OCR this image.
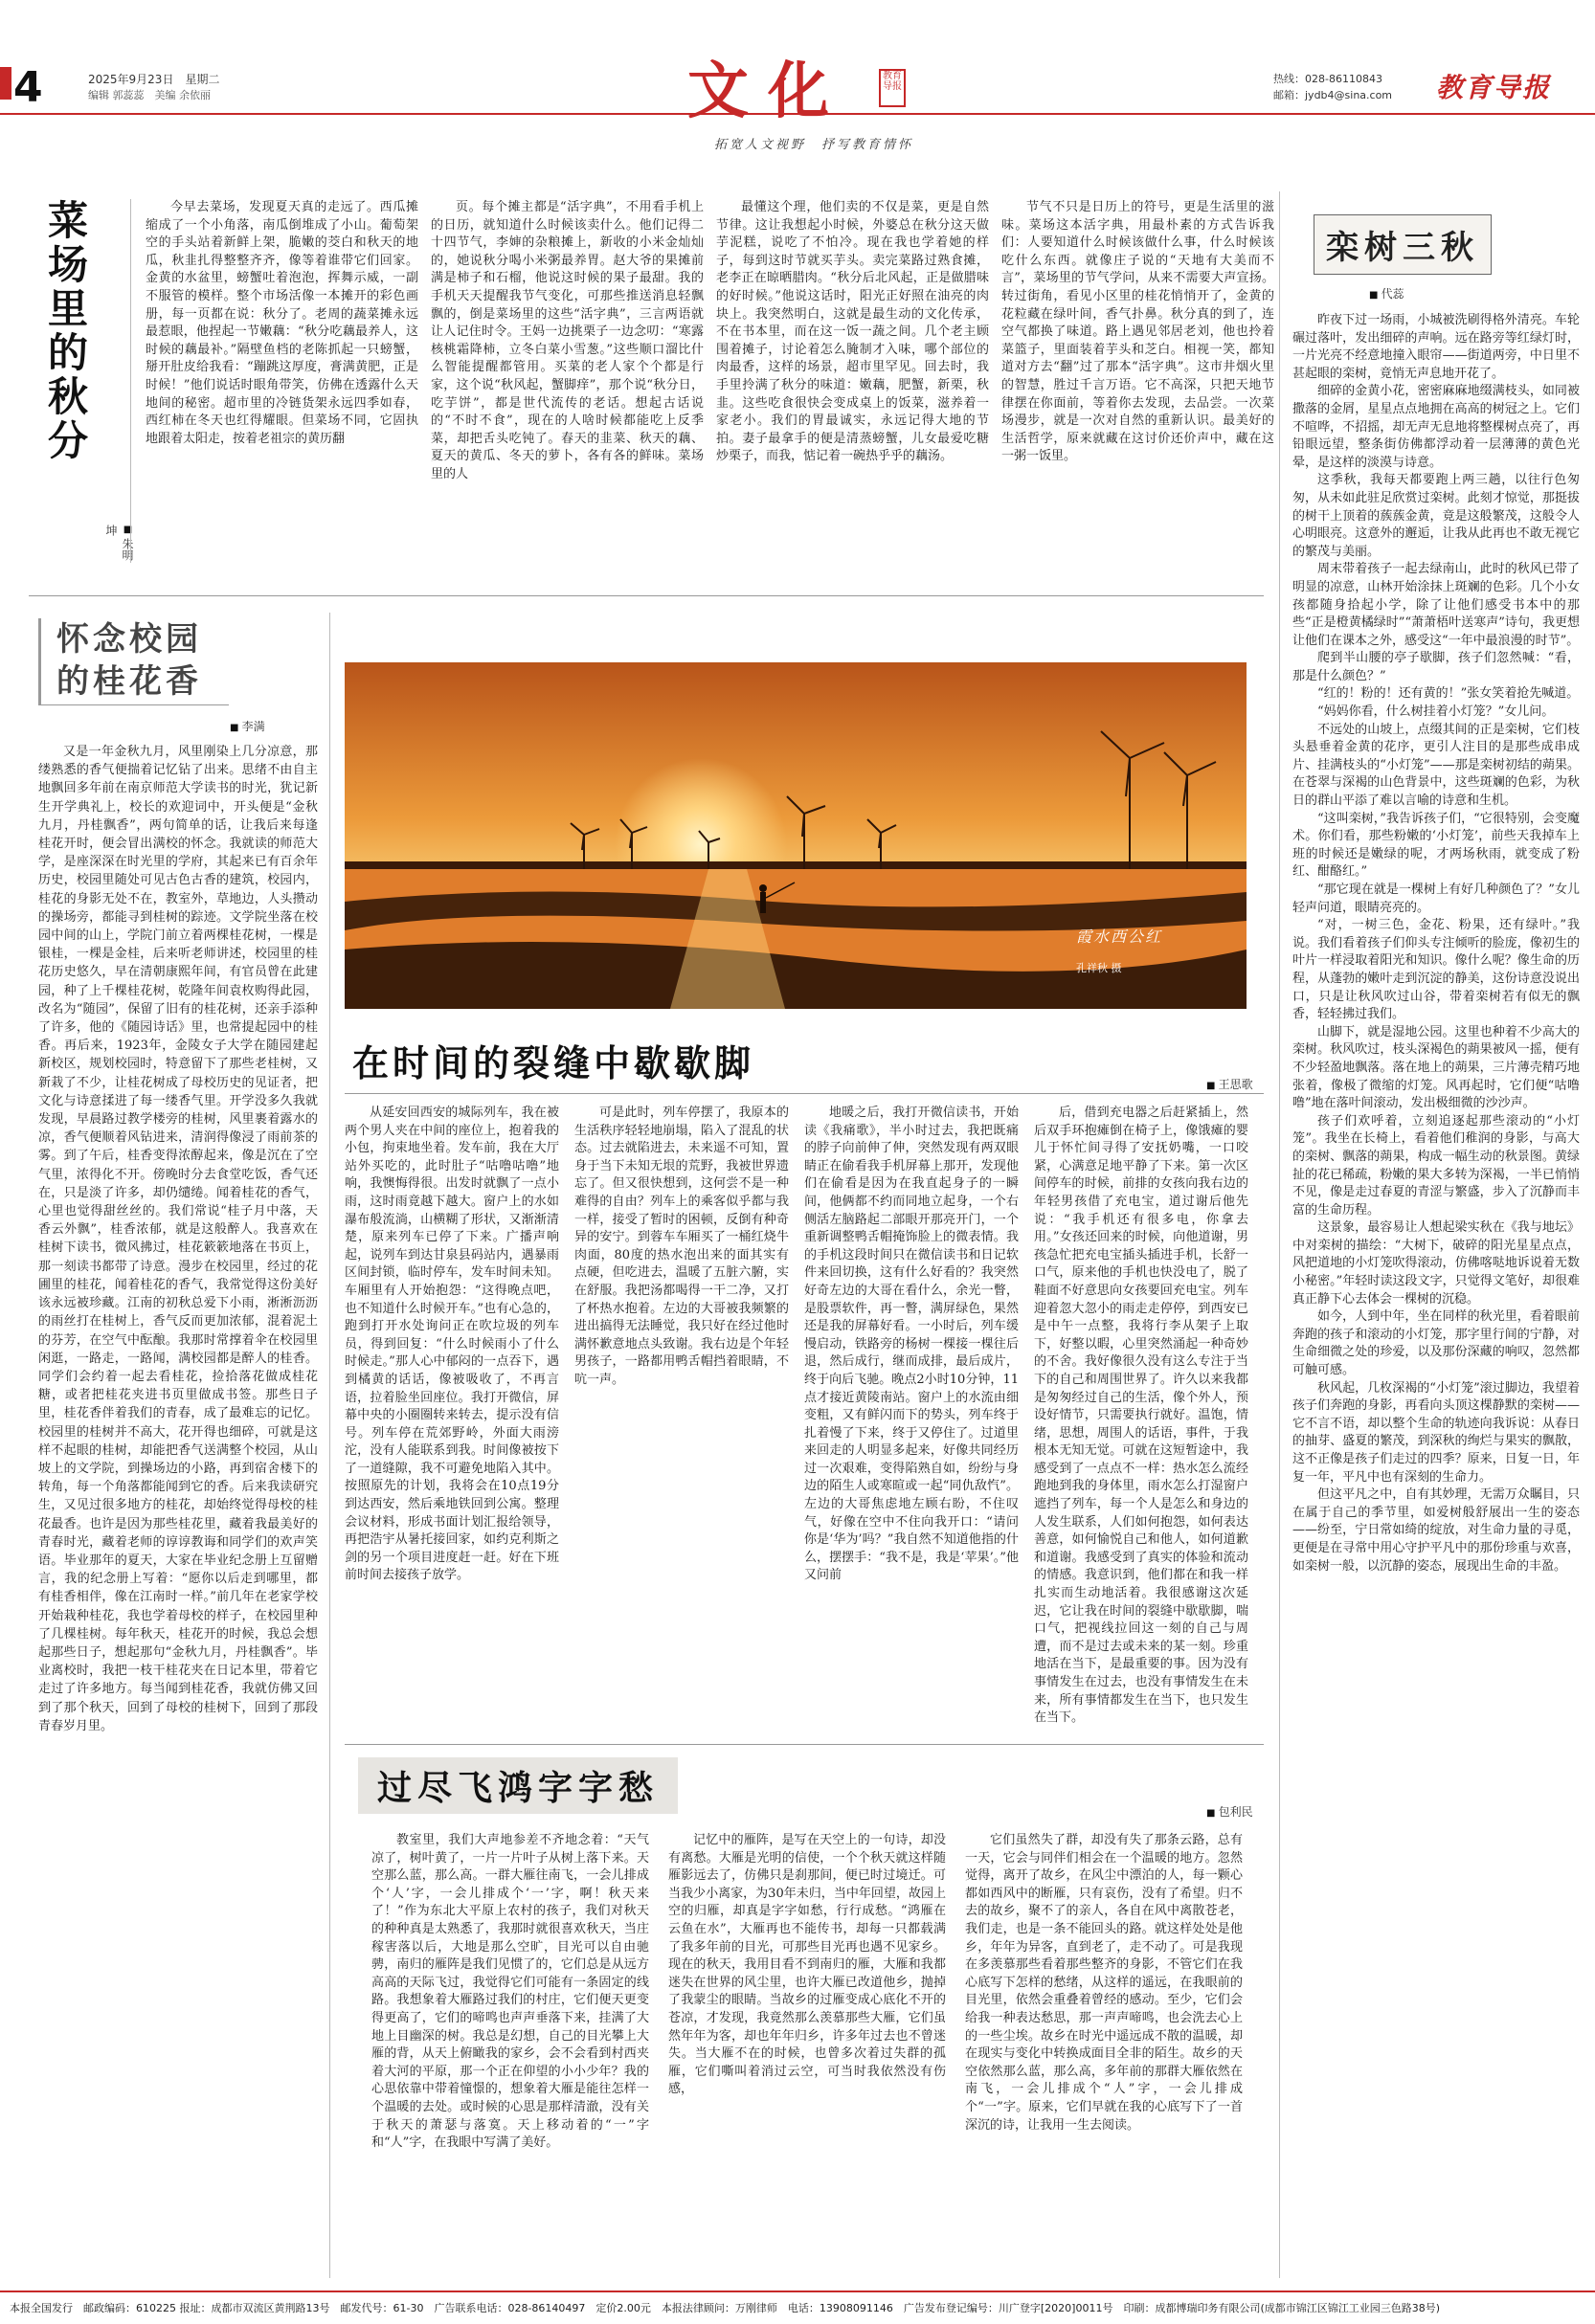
4	2025年9月23日　星期二
编辑 郭蕊蕊　美编 余依丽	文化	教育
导报
拓宽人文视野　抒写教育情怀
热线：028-86110843
邮箱：jydb4@sina.com 教育导报
菜场里的秋分
■ 朱明坤

今早去菜场，发现夏天真的走远了。西瓜摊缩成了一个小角落，南瓜倒堆成了小山。葡萄架空的手头站着新鲜上架，脆嫩的茭白和秋天的地瓜，秋韭扎得整整齐齐，像等着谁带它们回家。金黄的水盆里，螃蟹吐着泡泡，挥舞示威，一副不服管的模样。整个市场活像一本摊开的彩色画册，每一页都在说：秋分了。老周的蔬菜摊永远最惹眼，他捏起一节嫩藕：“秋分吃藕最养人，这时候的藕最补。”隔壁鱼档的老陈抓起一只螃蟹，掰开肚皮给我看：“蹦跳这厚度，膏满黄肥，正是时候！”他们说话时眼角带笑，仿佛在透露什么天地间的秘密。超市里的冷链货架永远四季如春，西红柿在冬天也红得耀眼。但菜场不同，它固执地跟着太阳走，按着老祖宗的黄历翻

页。每个摊主都是“活字典”，不用看手机上的日历，就知道什么时候该卖什么。他们记得二十四节气，李婶的杂粮摊上，新收的小米金灿灿的，她说秋分喝小米粥最养胃。赵大爷的果摊前满是柿子和石榴，他说这时候的果子最甜。我的手机天天提醒我节气变化，可那些推送消息轻飘飘的，倒是菜场里的这些“活字典”，三言两语就让人记住时令。王妈一边挑栗子一边念叨：“寒露核桃霜降柿，立冬白菜小雪葱。”这些顺口溜比什么智能提醒都管用。买菜的老人家个个都是行家，这个说“秋风起，蟹脚痒”，那个说“秋分日，吃芋饼”，都是世代流传的老话。想起古话说的“不时不食”，现在的人啥时候都能吃上反季菜，却把舌头吃钝了。春天的韭菜、秋天的藕、夏天的黄瓜、冬天的萝卜，各有各的鲜味。菜场里的人

最懂这个理，他们卖的不仅是菜，更是自然节律。这让我想起小时候，外婆总在秋分这天做芋泥糕，说吃了不怕冷。现在我也学着她的样子，每到这时节就买芋头。卖完菜路过熟食摊，老李正在晾晒腊肉。“秋分后北风起，正是做腊味的好时候。”他说这话时，阳光正好照在油亮的肉块上。我突然明白，这就是最生动的文化传承，不在书本里，而在这一饭一蔬之间。几个老主顾围着摊子，讨论着怎么腌制才入味，哪个部位的肉最香，这样的场景，超市里罕见。回去时，我手里拎满了秋分的味道：嫩藕，肥蟹，新栗，秋韭。这些吃食很快会变成桌上的饭菜，滋养着一家老小。我们的胃最诚实，永远记得大地的节拍。妻子最拿手的便是清蒸螃蟹，儿女最爱吃糖炒栗子，而我，惦记着一碗热乎乎的藕汤。

节气不只是日历上的符号，更是生活里的滋味。菜场这本活字典，用最朴素的方式告诉我们：人要知道什么时候该做什么事，什么时候该吃什么东西。就像庄子说的“天地有大美而不言”，菜场里的节气学问，从来不需要大声宣扬。转过街角，看见小区里的桂花悄悄开了，金黄的花粒藏在绿叶间，香气扑鼻。秋分真的到了，连空气都换了味道。路上遇见邻居老刘，他也拎着菜篮子，里面装着芋头和芝白。相视一笑，都知道对方去“翻”过了那本“活字典”。这市井烟火里的智慧，胜过千言万语。它不高深，只把天地节律摆在你面前，等着你去发现，去品尝。一次菜场漫步，就是一次对自然的重新认识。最美好的生活哲学，原来就藏在这讨价还价声中，藏在这一粥一饭里。

栾树三秋
■ 代蕊

昨夜下过一场雨，小城被洗刷得格外清亮。车轮碾过落叶，发出细碎的声响。远在路旁等红绿灯时，一片光亮不经意地撞入眼帘——街道两旁，中日里不甚起眼的栾树，竟悄无声息地开花了。

细碎的金黄小花，密密麻麻地缀满枝头，如同被撒落的金屑，星星点点地拥在高高的树冠之上。它们不喧哗，不招摇，却无声无息地将整棵树点亮了，再铅眼远望，整条街仿佛都浮动着一层薄薄的黄色光晕，是这样的淡漠与诗意。

这季秋，我每天都要跑上两三趟，以往行色匆匆，从未如此驻足欣赏过栾树。此刻才惊觉，那挺拔的树干上顶着的蔟蔟金黄，竟是这般繁茂，这般令人心明眼亮。这意外的邂逅，让我从此再也不敢无视它的繁茂与美丽。

周末带着孩子一起去绿南山，此时的秋风已带了明显的凉意，山林开始涂抹上斑斓的色彩。几个小女孩都随身拾起小学，除了让他们感受书本中的那些“正是橙黄橘绿时”“萧萧梧叶送寒声”诗句，我更想让他们在课本之外，感受这“一年中最浪漫的时节”。

爬到半山腰的亭子歇脚，孩子们忽然喊：“看，那是什么颜色？”

“红的！粉的！还有黄的！”张女笑着抢先喊道。

“妈妈你看，什么树挂着小灯笼？”女儿问。

不远处的山坡上，点缀其间的正是栾树，它们枝头悬垂着金黄的花序，更引人注目的是那些成串成片、挂满枝头的“小灯笼”——那是栾树初结的蒴果。在苍翠与深褐的山色背景中，这些斑斓的色彩，为秋日的群山平添了难以言喻的诗意和生机。

“这叫栾树，”我告诉孩子们，“它很特别，会变魔术。你们看，那些粉嫩的‘小灯笼’，前些天我掉车上班的时候还是嫩绿的呢，才两场秋雨，就变成了粉红、酣酪红。”

“那它现在就是一棵树上有好几种颜色了？”女儿轻声问道，眼睛亮亮的。

“对，一树三色，金花、粉果，还有绿叶。”我说。我们看着孩子们仰头专注倾听的脸庞，像初生的叶片一样浸取着阳光和知识。像什么呢？像生命的历程，从蓬勃的嫩叶走到沉淀的静美，这份诗意没说出口，只是让秋风吹过山谷，带着栾树若有似无的飘香，轻轻拂过我们。

山脚下，就是湿地公园。这里也种着不少高大的栾树。秋风吹过，枝头深褐色的蒴果被风一摇，便有不少轻盈地飘落。落在地上的蒴果，三片薄壳精巧地张着，像极了微缩的灯笼。风再起时，它们便“咕噜噜”地在落叶间滚动，发出极细微的沙沙声。

孩子们欢呼着，立刻追逐起那些滚动的“小灯笼”。我坐在长椅上，看着他们稚润的身影，与高大的栾树、飘落的蒴果，构成一幅生动的秋景图。黄绿扯的花已稀疏，粉嫩的果大多转为深褐，一半已悄悄不见，像是走过春夏的青涩与繁盛，步入了沉静而丰富的生命历程。

这景象，最容易让人想起梁实秋在《我与地坛》中对栾树的描绘：“大树下，破碎的阳光星星点点，风把道地的小灯笼吹得滚动，仿佛喀哒地诉说着无数小秘密。”年轻时读这段文字，只觉得文笔好，却很难真正静下心去体会一棵树的沉稳。

如今，人到中年，坐在同样的秋光里，看着眼前奔跑的孩子和滚动的小灯笼，那字里行间的宁静，对生命细微之处的珍爱，以及那份深藏的响叹，忽然都可触可感。

秋风起，几枚深褐的“小灯笼”滚过脚边，我望着孩子们奔跑的身影，再看向头顶这棵静默的栾树——它不言不语，却以整个生命的轨迹向我诉说：从春日的抽芽、盛夏的繁茂，到深秋的绚烂与果实的飘散，这不正像是孩子们走过的四季？原来，日复一日，年复一年，平凡中也有深刻的生命力。

但这平凡之中，自有其妙理，无需万众瞩目，只在属于自己的季节里，如爱树般舒展出一生的姿态——纷至，宁日常如绮的绽放，对生命力量的寻觅，更便是在寻常中用心守护平凡中的那份珍重与欢喜，如栾树一般，以沉静的姿态，展现出生命的丰盈。

怀念校园的桂花香
■ 李满

又是一年金秋九月，风里刚染上几分凉意，那缕熟悉的香气便揣着记忆钻了出来。思绪不由自主地飘回多年前在南京师范大学读书的时光，犹记新生开学典礼上，校长的欢迎词中，开头便是“金秋九月，丹桂飘香”，两句简单的话，让我后来每逢桂花开时，便会冒出满校的怀念。我就读的师范大学，是座深深在时光里的学府，其起来已有百余年历史，校园里随处可见古色古香的建筑，校园内，桂花的身影无处不在，教室外，草地边，人头攒动的操场旁，都能寻到桂树的踪迹。文学院坐落在校园中间的山上，学院门前立着两棵桂花树，一棵是银桂，一棵是金桂，后来听老师讲述，校园里的桂花历史悠久，早在清朝康熙年间，有官员曾在此建园，种了上千棵桂花树，乾隆年间袁枚购得此园，改名为“随园”，保留了旧有的桂花树，还亲手添种了许多，他的《随园诗话》里，也常提起园中的桂香。再后来，1923年，金陵女子大学在随园建起新校区，规划校园时，特意留下了那些老桂树，又新栽了不少，让桂花树成了母校历史的见证者，把文化与诗意揉进了每一缕香气里。开学没多久我就发现，早晨路过教学楼旁的桂树，风里裹着露水的凉，香气便顺着风钻进来，清润得像浸了雨前茶的雾。到了午后，桂香变得浓醇起来，像是沉在了空气里，浓得化不开。傍晚时分去食堂吃饭，香气还在，只是淡了许多，却仍缱绻。闻着桂花的香气，心里也觉得甜丝丝的。我们常说“桂子月中落，天香云外飘”，桂香浓郁，就是这般醉人。我喜欢在桂树下读书，微风拂过，桂花簌簌地落在书页上，那一刻读书都带了诗意。漫步在校园里，经过的花圃里的桂花，闻着桂花的香气，我常觉得这份美好该永远被珍藏。江南的初秋总爱下小雨，淅淅沥沥的雨丝打在桂树上，香气反而更加浓郁，混着泥土的芬芳，在空气中酝酿。我那时常撑着伞在校园里闲逛，一路走，一路闻，满校园都是醉人的桂香。同学们会约着一起去看桂花，捡拾落花做成桂花糖，或者把桂花夹进书页里做成书签。那些日子里，桂花香伴着我们的青春，成了最难忘的记忆。校园里的桂树并不高大，花开得也细碎，可就是这样不起眼的桂树，却能把香气送满整个校园，从山坡上的文学院，到操场边的小路，再到宿舍楼下的转角，每一个角落都能闻到它的香。后来我读研究生，又见过很多地方的桂花，却始终觉得母校的桂花最香。也许是因为那些桂花里，藏着我最美好的青春时光，藏着老师的谆谆教诲和同学们的欢声笑语。毕业那年的夏天，大家在毕业纪念册上互留赠言，我的纪念册上写着：“愿你以后走到哪里，都有桂香相伴，像在江南时一样。”前几年在老家学校开始栽种桂花，我也学着母校的样子，在校园里种了几棵桂树。每年秋天，桂花开的时候，我总会想起那些日子，想起那句“金秋九月，丹桂飘香”。毕业离校时，我把一枝干桂花夹在日记本里，带着它走过了许多地方。每当闻到桂花香，我就仿佛又回到了那个秋天，回到了母校的桂树下，回到了那段青春岁月里。

霞水西公红
孔祥秋 摄
在时间的裂缝中歇歇脚
■	王思歌

从延安回西安的城际列车，我在被两个男人夹在中间的座位上，抱着我的小包，拘束地坐着。发车前，我在大厅站外买吃的，此时肚子“咕噜咕噜”地响，我懊悔得很。出发时就飘了一点小雨，这时雨竟越下越大。窗户上的水如瀑布般流淌，山横糊了形状，又渐渐清楚，原来列车已停了下来。广播声响起，说列车到达甘泉县码站内，遇暴雨区间封锁，临时停车，发车时间未知。车厢里有人开始抱怨：“这得晚点吧，也不知道什么时候开车。”也有心急的，跑到打开水处询问正在吹垃圾的列车员，得到回复：“什么时候雨小了什么时候走。”那人心中郁闷的一点吞下，遇到橘黄的话话，像被吸收了，不再言语，拉着脸坐回座位。我打开微信，屏幕中央的小圈圈转来转去，提示没有信号。列车停在荒郊野岭，外面大雨滂沱，没有人能联系到我。时间像被按下了一道缝隙，我不可避免地陷入其中。按照原先的计划，我将会在10点19分到达西安，然后乘地铁回到公寓。整理会议材料，形成书面计划汇报给领导，再把浩宇从暑托接回家，如约克利斯之剑的另一个项目进度赶一赶。好在下班前时间去接孩子放学。

可是此时，列车停摆了，我原本的生活秩序轻轻地崩塌，陷入了混乱的状态。过去就陷进去，未来遥不可知，置身于当下未知无垠的荒野，我被世界遗忘了。但又很快想到，这何尝不是一种难得的自由？列车上的乘客似乎都与我一样，接受了暂时的困顿，反倒有种奇异的安宁。到蓉车车厢买了一桶红烧牛肉面，80度的热水泡出来的面其实有点硬，但吃进去，温暖了五脏六腑，实在舒服。我把汤都喝得一干二净，又打了杯热水抱着。左边的大哥被我频繁的进出搞得无法睡觉，我只好在经过他时满怀歉意地点头致谢。我右边是个年轻男孩子，一路都用鸭舌帽挡着眼睛，不吭一声。

地暖之后，我打开微信读书，开始读《我痛歌》，半小时过去，我把既痛的脖子向前伸了伸，突然发现有两双眼睛正在偷看我手机屏幕上那开，发现他们在偷看是因为在我直起身子的一瞬间，他俩都不约而同地立起身，一个右侧活左脑路起二部眼开那亮开门，一个重新调整鸭舌帽掩饰脸上的微表情。我的手机这段时间只在微信读书和日记软件来回切换，这有什么好看的？我突然好奇左边的大哥在看什么，余光一瞥，是股票软件，再一瞥，满屏绿色，果然还是我的屏幕好看。一小时后，列车缓慢启动，铁路旁的杨树一棵接一棵往后退，然后成行，继而成排，最后成片，终于向后飞驰。晚点2小时10分钟，11点才接近黄陵南站。窗户上的水流由细变粗，又有鲜闪而下的势头，列车终于扎着慢了下来，终于又停住了。过道里来回走的人明显多起来，好像共同经历过一次艰难，变得陷熟自如，纷纷与身边的陌生人或寒暄或一起“同仇敌忾”。左边的大哥焦虑地左顾右盼，不住叹气，好像在空中不住向我开口：“请问你是‘华为’吗？”我自然不知道他指的什么，摆摆手：“我不是，我是‘苹果’。”他又问前

后，借到充电器之后赶紧插上，然后双手环抱瘫倒在椅子上，像饿瘫的婴儿于怀忙间寻得了安抚奶嘴，一口咬紧，心满意足地平静了下来。第一次区间停车的时候，前排的女孩向我右边的年轻男孩借了充电宝，道过谢后他先说：“我手机还有很多电，你拿去用。”女孩还回来的时候，向他道谢，男孩急忙把充电宝插头插进手机，长舒一口气，原来他的手机也快没电了，脱了鞋面不好意思向女孩要回充电宝。列车迎着忽大忽小的雨走走停停，到西安已是中午一点整，我将行李从架子上取下，好整以暇，心里突然涌起一种奇妙的不舍。我好像很久没有这么专注于当下的自己和周围世界了。许久以来我都是匆匆经过自己的生活，像个外人，预设好情节，只需要执行就好。温饱，情绪，思想，周围人的话语，事件，于我根本无知无觉。可就在这短暂途中，我感受到了一点点不一样：热水怎么流经跑地到我的身体里，雨水怎么打湿窗户遮挡了列车，每一个人是怎么和身边的人发生联系，人们如何抱怨，如何表达善意，如何愉悦自己和他人，如何道歉和道谢。我感受到了真实的体验和流动的情感。我意识到，他们都在和我一样扎实而生动地活着。我很感谢这次延迟，它让我在时间的裂缝中歇歇脚，喘口气，把视线拉回这一刻的自己与周遭，而不是过去或未来的某一刻。珍重地活在当下，是最重要的事。因为没有事情发生在过去，也没有事情发生在未来，所有事情都发生在当下，也只发生在当下。

过尽飞鸿字字愁
■ 包利民

教室里，我们大声地参差不齐地念着：“天气凉了，树叶黄了，一片一片叶子从树上落下来。天空那么蓝，那么高。一群大雁往南飞，一会儿排成个‘人’字，一会儿排成个‘一’字，啊！秋天来了！”作为东北大平原上农村的孩子，我们对秋天的种种真是太熟悉了，我那时就很喜欢秋天，当庄稼害落以后，大地是那么空旷，目光可以自由驰骋，南归的雁阵是我们见惯了的，它们总是从远方高高的天际飞过，我觉得它们可能有一条固定的线路。我想象着大雁路过我们的村庄，它们便天更变得更高了，它们的啼鸣也声声垂落下来，挂满了大地上目幽深的树。我总是幻想，自己的目光攀上大雁的背，从天上俯瞰我的家乡，会不会看到村西夹着大河的平原，那一个正在仰望的小小少年？我的心思依靠中带着憧憬的，想象着大雁是能往怎样一个温暖的去处。或时候的心思是那样清澈，没有关于秋天的萧瑟与落寞。天上移动着的“一”字和“人”字，在我眼中写满了美好。

记忆中的雁阵，是写在天空上的一句诗，却没有离愁。大雁是光明的信使，一个个秋天就这样随雁影远去了，仿佛只是刹那间，便已时过境迁。可当我少小离家，为30年未归，当中年回望，故园上空的归雁，却真是字字如愁，行行成愁。“鸿雁在云鱼在水”，大雁再也不能传书，却每一只都载满了我多年前的目光，可那些目光再也遇不见家乡。现在的秋天，我用目看不到南归的雁，大雁和我都迷失在世界的风尘里，也许大雁已改道他乡，抛掉了我蒙尘的眼睛。当故乡的过雁变成心底化不开的苍凉，才发现，我竟然那么羡慕那些大雁，它们虽然年年为客，却也年年归乡，许多年过去也不曾迷失。当大雁不在的时候，也曾多次着过失群的孤雁，它们嘶叫着消过云空，可当时我依然没有伤感，

它们虽然失了群，却没有失了那条云路，总有一天，它会与同伴们相会在一个温暖的地方。忽然觉得，离开了故乡，在风尘中漂泊的人，每一颗心都如西风中的断雁，只有哀伤，没有了希望。归不去的故乡，聚不了的亲人，各自在风中离散苍老，我们走，也是一条不能回头的路。就这样处处是他乡，年年为异客，直到老了，走不动了。可是我现在多羡慕那些看着那些整齐的身影，不管它们在我心底写下怎样的愁绪，从这样的遥远，在我眼前的目光里，依然会重叠着曾经的感动。至少，它们会给我一种表达愁思，那一声声啼鸣，也会洗去心上的一些尘埃。故乡在时光中遥远成不散的温暖，却在现实与变化中转换成面目全非的陌生。故乡的天空依然那么蓝，那么高，多年前的那群大雁依然在南飞，一会儿排成个“人”字，一会儿排成个“一”字。原来，它们早就在我的心底写下了一首深沉的诗，让我用一生去阅读。

本报全国发行　邮政编码：610225 报址：成都市双流区黄荆路13号　邮发代号：61-30　广告联系电话：028-86140497　定价2.00元　本报法律顾问：万刚律师　电话：13908091146　广告发布登记编号：川广登字[2020]0011号　印刷：成都博瑞印务有限公司(成都市锦江区锦江工业园三色路38号)
